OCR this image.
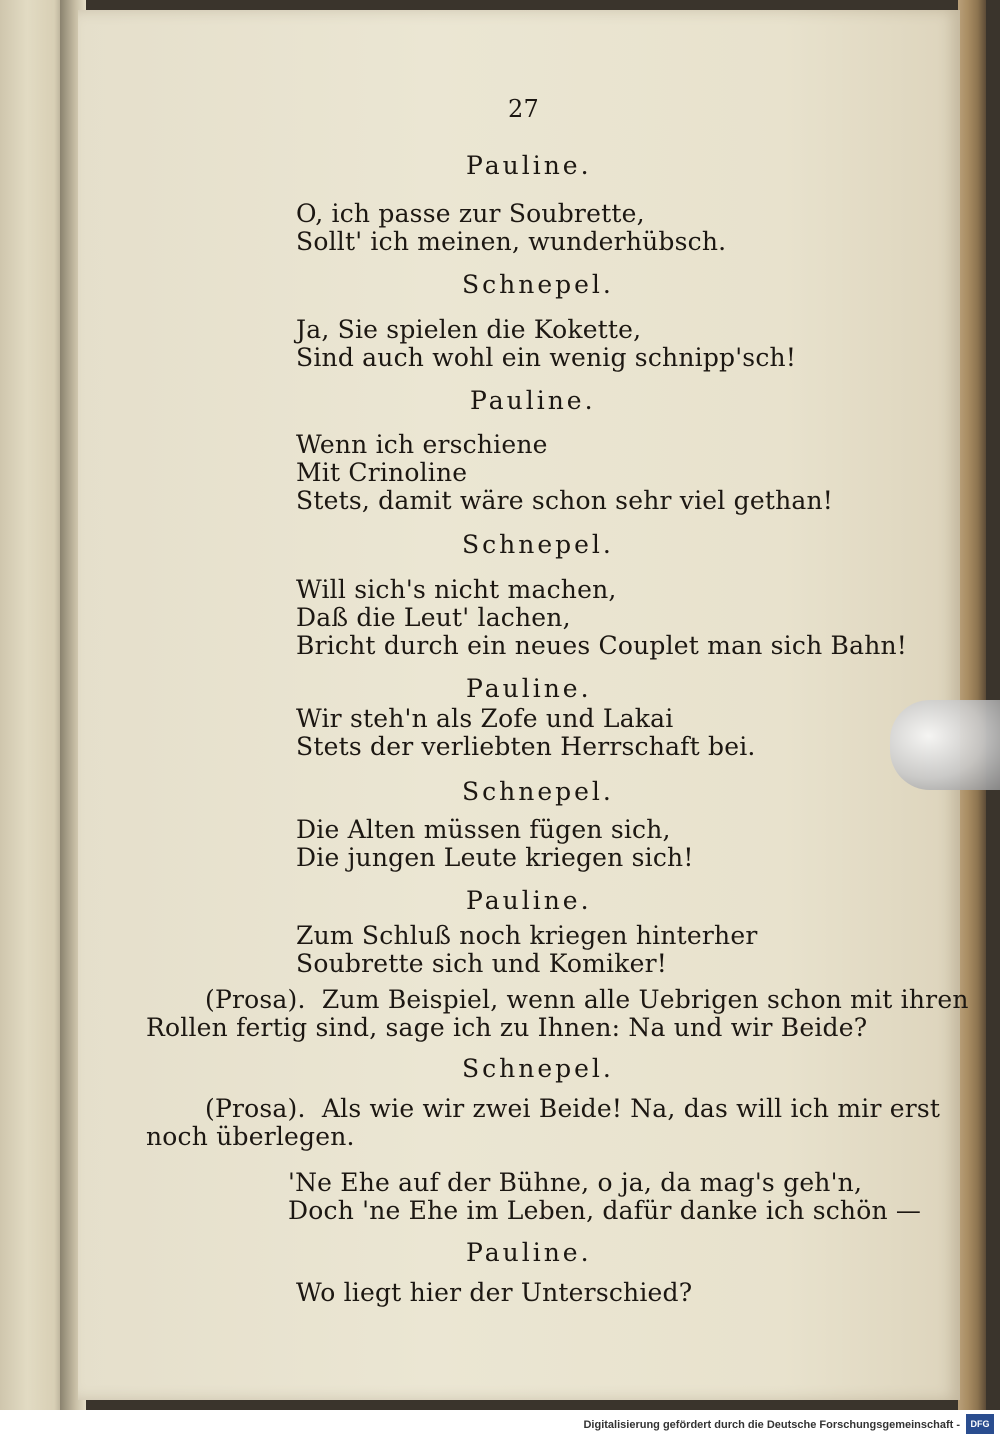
27
Pauline.
O, ich passe zur Soubrette,
Sollt' ich meinen, wunderhübsch.
Schnepel.
Ja, Sie spielen die Kokette,
Sind auch wohl ein wenig schnipp'sch!
Pauline.
Wenn ich erschiene
Mit Crinoline
Stets, damit wäre schon sehr viel gethan!
Schnepel.
Will sich's nicht machen,
Daß die Leut' lachen,
Bricht durch ein neues Couplet man sich Bahn!
Pauline.
Wir steh'n als Zofe und Lakai
Stets der verliebten Herrschaft bei.
Schnepel.
Die Alten müssen fügen sich,
Die jungen Leute kriegen sich!
Pauline.
Zum Schluß noch kriegen hinterher
Soubrette sich und Komiker!
(Prosa).  Zum Beispiel, wenn alle Uebrigen schon mit ihren
Rollen fertig sind, sage ich zu Ihnen: Na und wir Beide?
Schnepel.
(Prosa).  Als wie wir zwei Beide! Na, das will ich mir erst
noch überlegen.
'Ne Ehe auf der Bühne, o ja, da mag's geh'n,
Doch 'ne Ehe im Leben, dafür danke ich schön —
Pauline.
Wo liegt hier der Unterschied?
Digitalisierung gefördert durch die Deutsche Forschungsgemeinschaft -	DFG
